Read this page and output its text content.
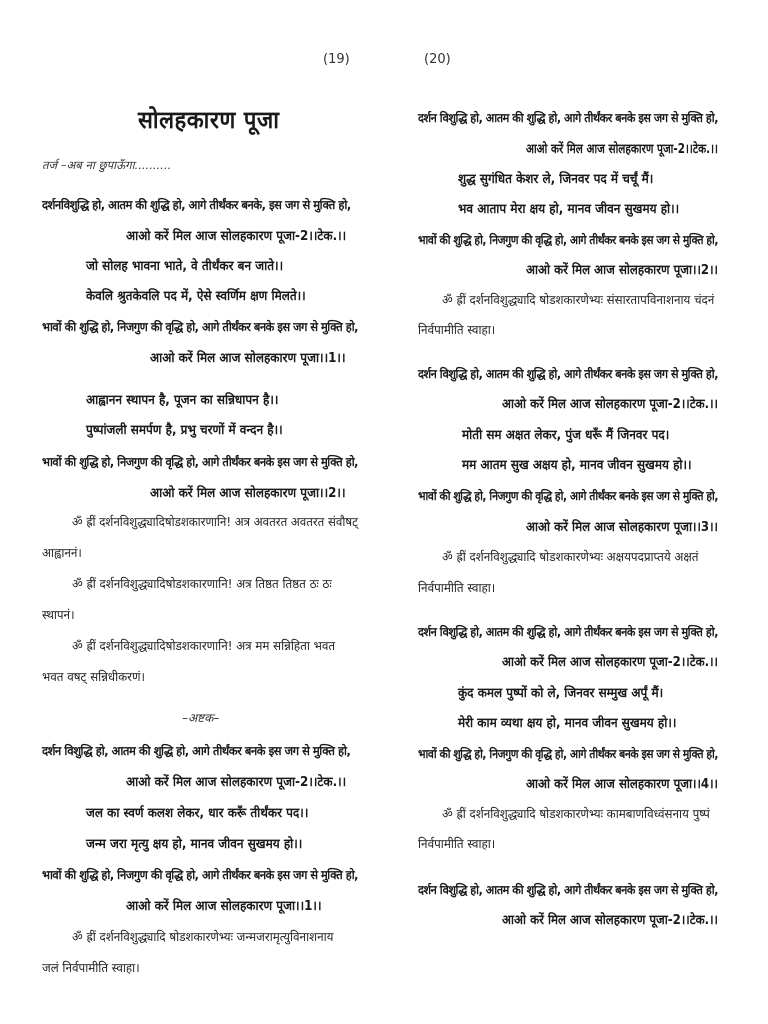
(19)	(20)
सोलहकारण पूजा
तर्ज –अब ना छुपाऊँगा..........
दर्शनविशुद्धि हो, आतम की शुद्धि हो, आगे तीर्थंकर बनके, इस जग से मुक्ति हो,
आओ करें मिल आज सोलहकारण पूजा-2।।टेक.।।
जो सोलह भावना भाते, वे तीर्थंकर बन जाते।।
केवलि श्रुतकेवलि पद में, ऐसे स्वर्णिम क्षण मिलते।।
भावों की शुद्धि हो, निजगुण की वृद्धि हो, आगे तीर्थंकर बनके इस जग से मुक्ति हो,
आओ करें मिल आज सोलहकारण पूजा।।1।।
आह्वानन स्थापन है, पूजन का सन्निधापन है।।
पुष्पांजली समर्पण है, प्रभु चरणों में वन्दन है।।
भावों की शुद्धि हो, निजगुण की वृद्धि हो, आगे तीर्थंकर बनके इस जग से मुक्ति हो,
आओ करें मिल आज सोलहकारण पूजा।।2।।
ॐ ह्रीं दर्शनविशुद्ध्यादिषोडशकारणानि! अत्र अवतरत अवतरत संवौषट्
आह्वाननं।
ॐ ह्रीं दर्शनविशुद्ध्यादिषोडशकारणानि! अत्र तिष्ठत तिष्ठत ठः ठः
स्थापनं।
ॐ ह्रीं दर्शनविशुद्ध्यादिषोडशकारणानि! अत्र मम सन्निहिता भवत
भवत वषट् सन्निधीकरणं।
–अष्टक–
दर्शन विशुद्धि हो, आतम की शुद्धि हो, आगे तीर्थंकर बनके इस जग से मुक्ति हो,
आओ करें मिल आज सोलहकारण पूजा-2।।टेक.।।
जल का स्वर्ण कलश लेकर, धार करूँ तीर्थंकर पद।।
जन्म जरा मृत्यु क्षय हो, मानव जीवन सुखमय हो।।
भावों की शुद्धि हो, निजगुण की वृद्धि हो, आगे तीर्थंकर बनके इस जग से मुक्ति हो,
आओ करें मिल आज सोलहकारण पूजा।।1।।
ॐ ह्रीं दर्शनविशुद्ध्यादि षोडशकारणेभ्यः जन्मजरामृत्युविनाशनाय
जलं निर्वपामीति स्वाहा।
दर्शन विशुद्धि हो, आतम की शुद्धि हो, आगे तीर्थंकर बनके इस जग से मुक्ति हो,
आओ करें मिल आज सोलहकारण पूजा-2।।टेक.।।
शुद्ध सुगंधित केशर ले, जिनवर पद में चर्चूं मैं।
भव आताप मेरा क्षय हो, मानव जीवन सुखमय हो।।
भावों की शुद्धि हो, निजगुण की वृद्धि हो, आगे तीर्थंकर बनके इस जग से मुक्ति हो,
आओ करें मिल आज सोलहकारण पूजा।।2।।
ॐ ह्रीं दर्शनविशुद्ध्यादि षोडशकारणेभ्यः संसारतापविनाशनाय चंदनं
निर्वपामीति स्वाहा।
दर्शन विशुद्धि हो, आतम की शुद्धि हो, आगे तीर्थंकर बनके इस जग से मुक्ति हो,
आओ करें मिल आज सोलहकारण पूजा-2।।टेक.।।
मोती सम अक्षत लेकर, पुंज धरूँ मैं जिनवर पद।
मम आतम सुख अक्षय हो, मानव जीवन सुखमय हो।।
भावों की शुद्धि हो, निजगुण की वृद्धि हो, आगे तीर्थंकर बनके इस जग से मुक्ति हो,
आओ करें मिल आज सोलहकारण पूजा।।3।।
ॐ ह्रीं दर्शनविशुद्ध्यादि षोडशकारणेभ्यः अक्षयपदप्राप्तये अक्षतं
निर्वपामीति स्वाहा।
दर्शन विशुद्धि हो, आतम की शुद्धि हो, आगे तीर्थंकर बनके इस जग से मुक्ति हो,
आओ करें मिल आज सोलहकारण पूजा-2।।टेक.।।
कुंद कमल पुष्पों को ले, जिनवर सम्मुख अर्पूं मैं।
मेरी काम व्यथा क्षय हो, मानव जीवन सुखमय हो।।
भावों की शुद्धि हो, निजगुण की वृद्धि हो, आगे तीर्थंकर बनके इस जग से मुक्ति हो,
आओ करें मिल आज सोलहकारण पूजा।।4।।
ॐ ह्रीं दर्शनविशुद्ध्यादि षोडशकारणेभ्यः कामबाणविध्वंसनाय पुष्पं
निर्वपामीति स्वाहा।
दर्शन विशुद्धि हो, आतम की शुद्धि हो, आगे तीर्थंकर बनके इस जग से मुक्ति हो,
आओ करें मिल आज सोलहकारण पूजा-2।।टेक.।।
